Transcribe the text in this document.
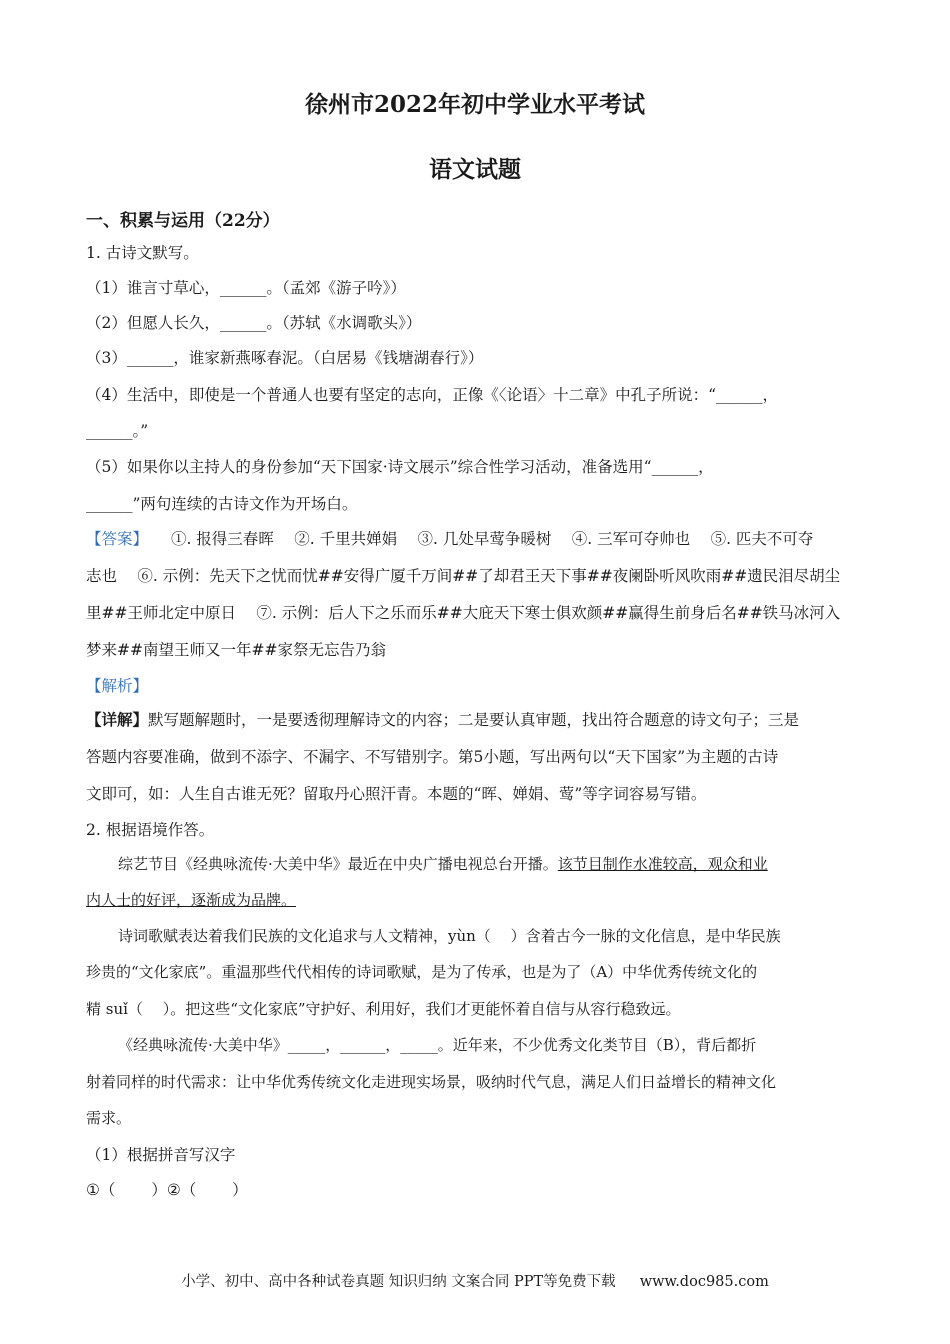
徐州市2022年初中学业水平考试
语文试题
一、积累与运用（22分）
1. 古诗文默写。
（1）谁言寸草心，______。（孟郊《游子吟》）
（2）但愿人长久，______。（苏轼《水调歌头》）
（3）______，谁家新燕啄春泥。（白居易《钱塘湖春行》）
（4）生活中，即使是一个普通人也要有坚定的志向，正像《〈论语〉十二章》中孔子所说：“______，
______。”
（5）如果你以主持人的身份参加“天下国家·诗文展示”综合性学习活动，准备选用“______，
______”两句连续的古诗文作为开场白。
【答案】 ①. 报得三春晖　 ②. 千里共婵娟　 ③. 几处早莺争暖树　 ④. 三军可夺帅也　 ⑤. 匹夫不可夺
志也　 ⑥. 示例：先天下之忧而忧##安得广厦千万间##了却君王天下事##夜阑卧听风吹雨##遗民泪尽胡尘
里##王师北定中原日　 ⑦. 示例：后人下之乐而乐##大庇天下寒士俱欢颜##赢得生前身后名##铁马冰河入
梦来##南望王师又一年##家祭无忘告乃翁
【解析】
【详解】默写题解题时，一是要透彻理解诗文的内容；二是要认真审题，找出符合题意的诗文句子；三是
答题内容要准确，做到不添字、不漏字、不写错别字。第5小题，写出两句以“天下国家”为主题的古诗
文即可，如：人生自古谁无死？留取丹心照汗青。本题的“晖、婵娟、莺”等字词容易写错。
2. 根据语境作答。
综艺节目《经典咏流传·大美中华》最近在中央广播电视总台开播。该节目制作水准较高，观众和业
内人士的好评，逐渐成为品牌。
诗词歌赋表达着我们民族的文化追求与人文精神，yùn（　 ）含着古今一脉的文化信息，是中华民族
珍贵的“文化家底”。重温那些代代相传的诗词歌赋，是为了传承，也是为了（A）中华优秀传统文化的
精 suǐ（　 ）。把这些“文化家底”守护好、利用好，我们才更能怀着自信与从容行稳致远。
《经典咏流传·大美中华》_____，______，_____。近年来，不少优秀文化类节目（B），背后都折
射着同样的时代需求：让中华优秀传统文化走进现实场景，吸纳时代气息，满足人们日益增长的精神文化
需求。
（1）根据拼音写汉字
①（　　 ）②（　　 ）
小学、初中、高中各种试卷真题 知识归纳 文案合同 PPT等免费下载 www.doc985.com
